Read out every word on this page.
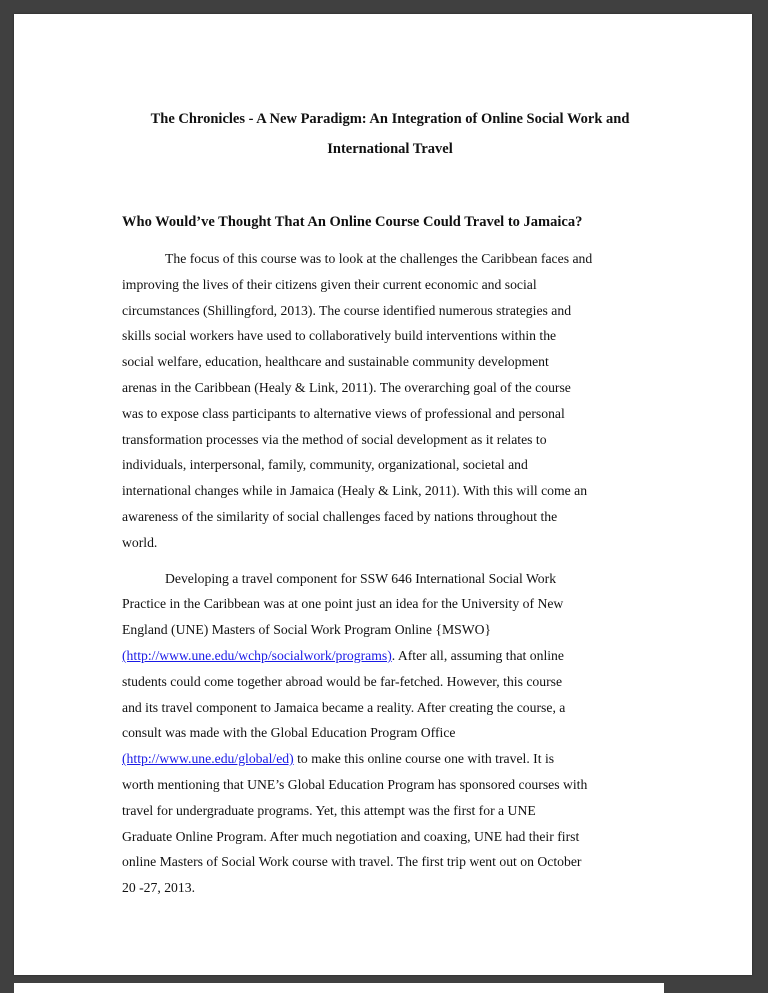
The Chronicles - A New Paradigm: An Integration of Online Social Work and
International Travel

Who Would’ve Thought That An Online Course Could Travel to Jamaica?

The focus of this course was to look at the challenges the Caribbean faces and
improving the lives of their citizens given their current economic and social
circumstances (Shillingford, 2013). The course identified numerous strategies and
skills social workers have used to collaboratively build interventions within the
social welfare, education, healthcare and sustainable community development
arenas in the Caribbean (Healy & Link, 2011). The overarching goal of the course
was to expose class participants to alternative views of professional and personal
transformation processes via the method of social development as it relates to
individuals, interpersonal, family, community, organizational, societal and
international changes while in Jamaica (Healy & Link, 2011). With this will come an
awareness of the similarity of social challenges faced by nations throughout the
world.

Developing a travel component for SSW 646 International Social Work
Practice in the Caribbean was at one point just an idea for the University of New
England (UNE) Masters of Social Work Program Online {MSWO}
(http://www.une.edu/wchp/socialwork/programs). After all, assuming that online
students could come together abroad would be far-fetched. However, this course
and its travel component to Jamaica became a reality. After creating the course, a
consult was made with the Global Education Program Office
(http://www.une.edu/global/ed) to make this online course one with travel. It is
worth mentioning that UNE’s Global Education Program has sponsored courses with
travel for undergraduate programs. Yet, this attempt was the first for a UNE
Graduate Online Program. After much negotiation and coaxing, UNE had their first
online Masters of Social Work course with travel. The first trip went out on October
20 -27, 2013.
